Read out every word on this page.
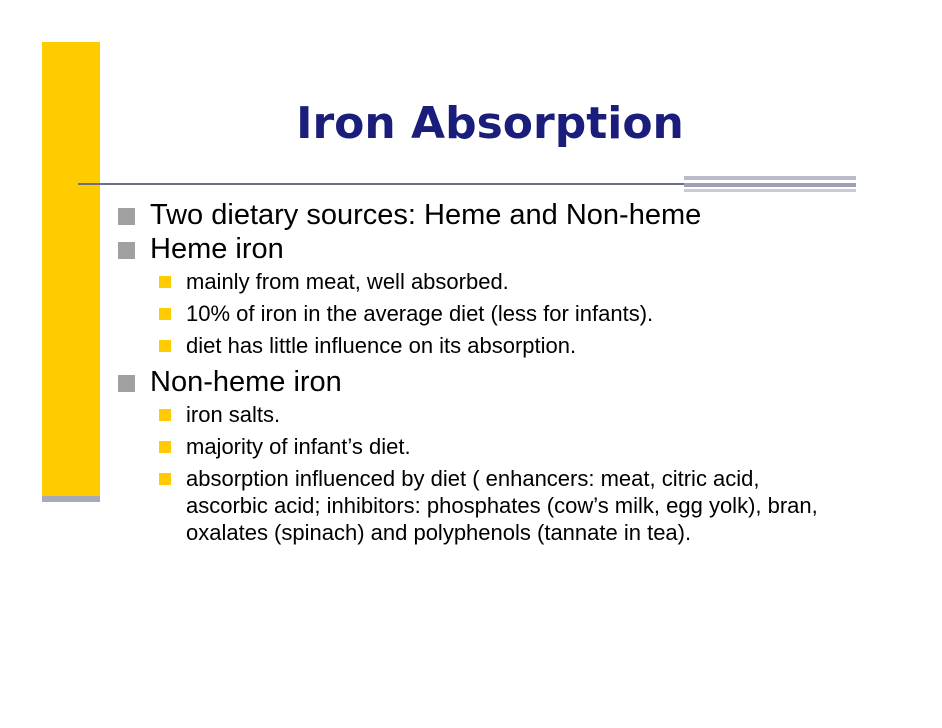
Iron Absorption
Two dietary sources: Heme and Non-heme
Heme iron
mainly from meat, well absorbed.
10% of iron in the average diet (less for infants).
diet has little influence on its absorption.
Non-heme iron
iron salts.
majority of infant’s diet.
absorption influenced by diet ( enhancers: meat, citric acid, ascorbic acid; inhibitors: phosphates (cow’s milk, egg yolk), bran, oxalates (spinach) and polyphenols (tannate in tea).
